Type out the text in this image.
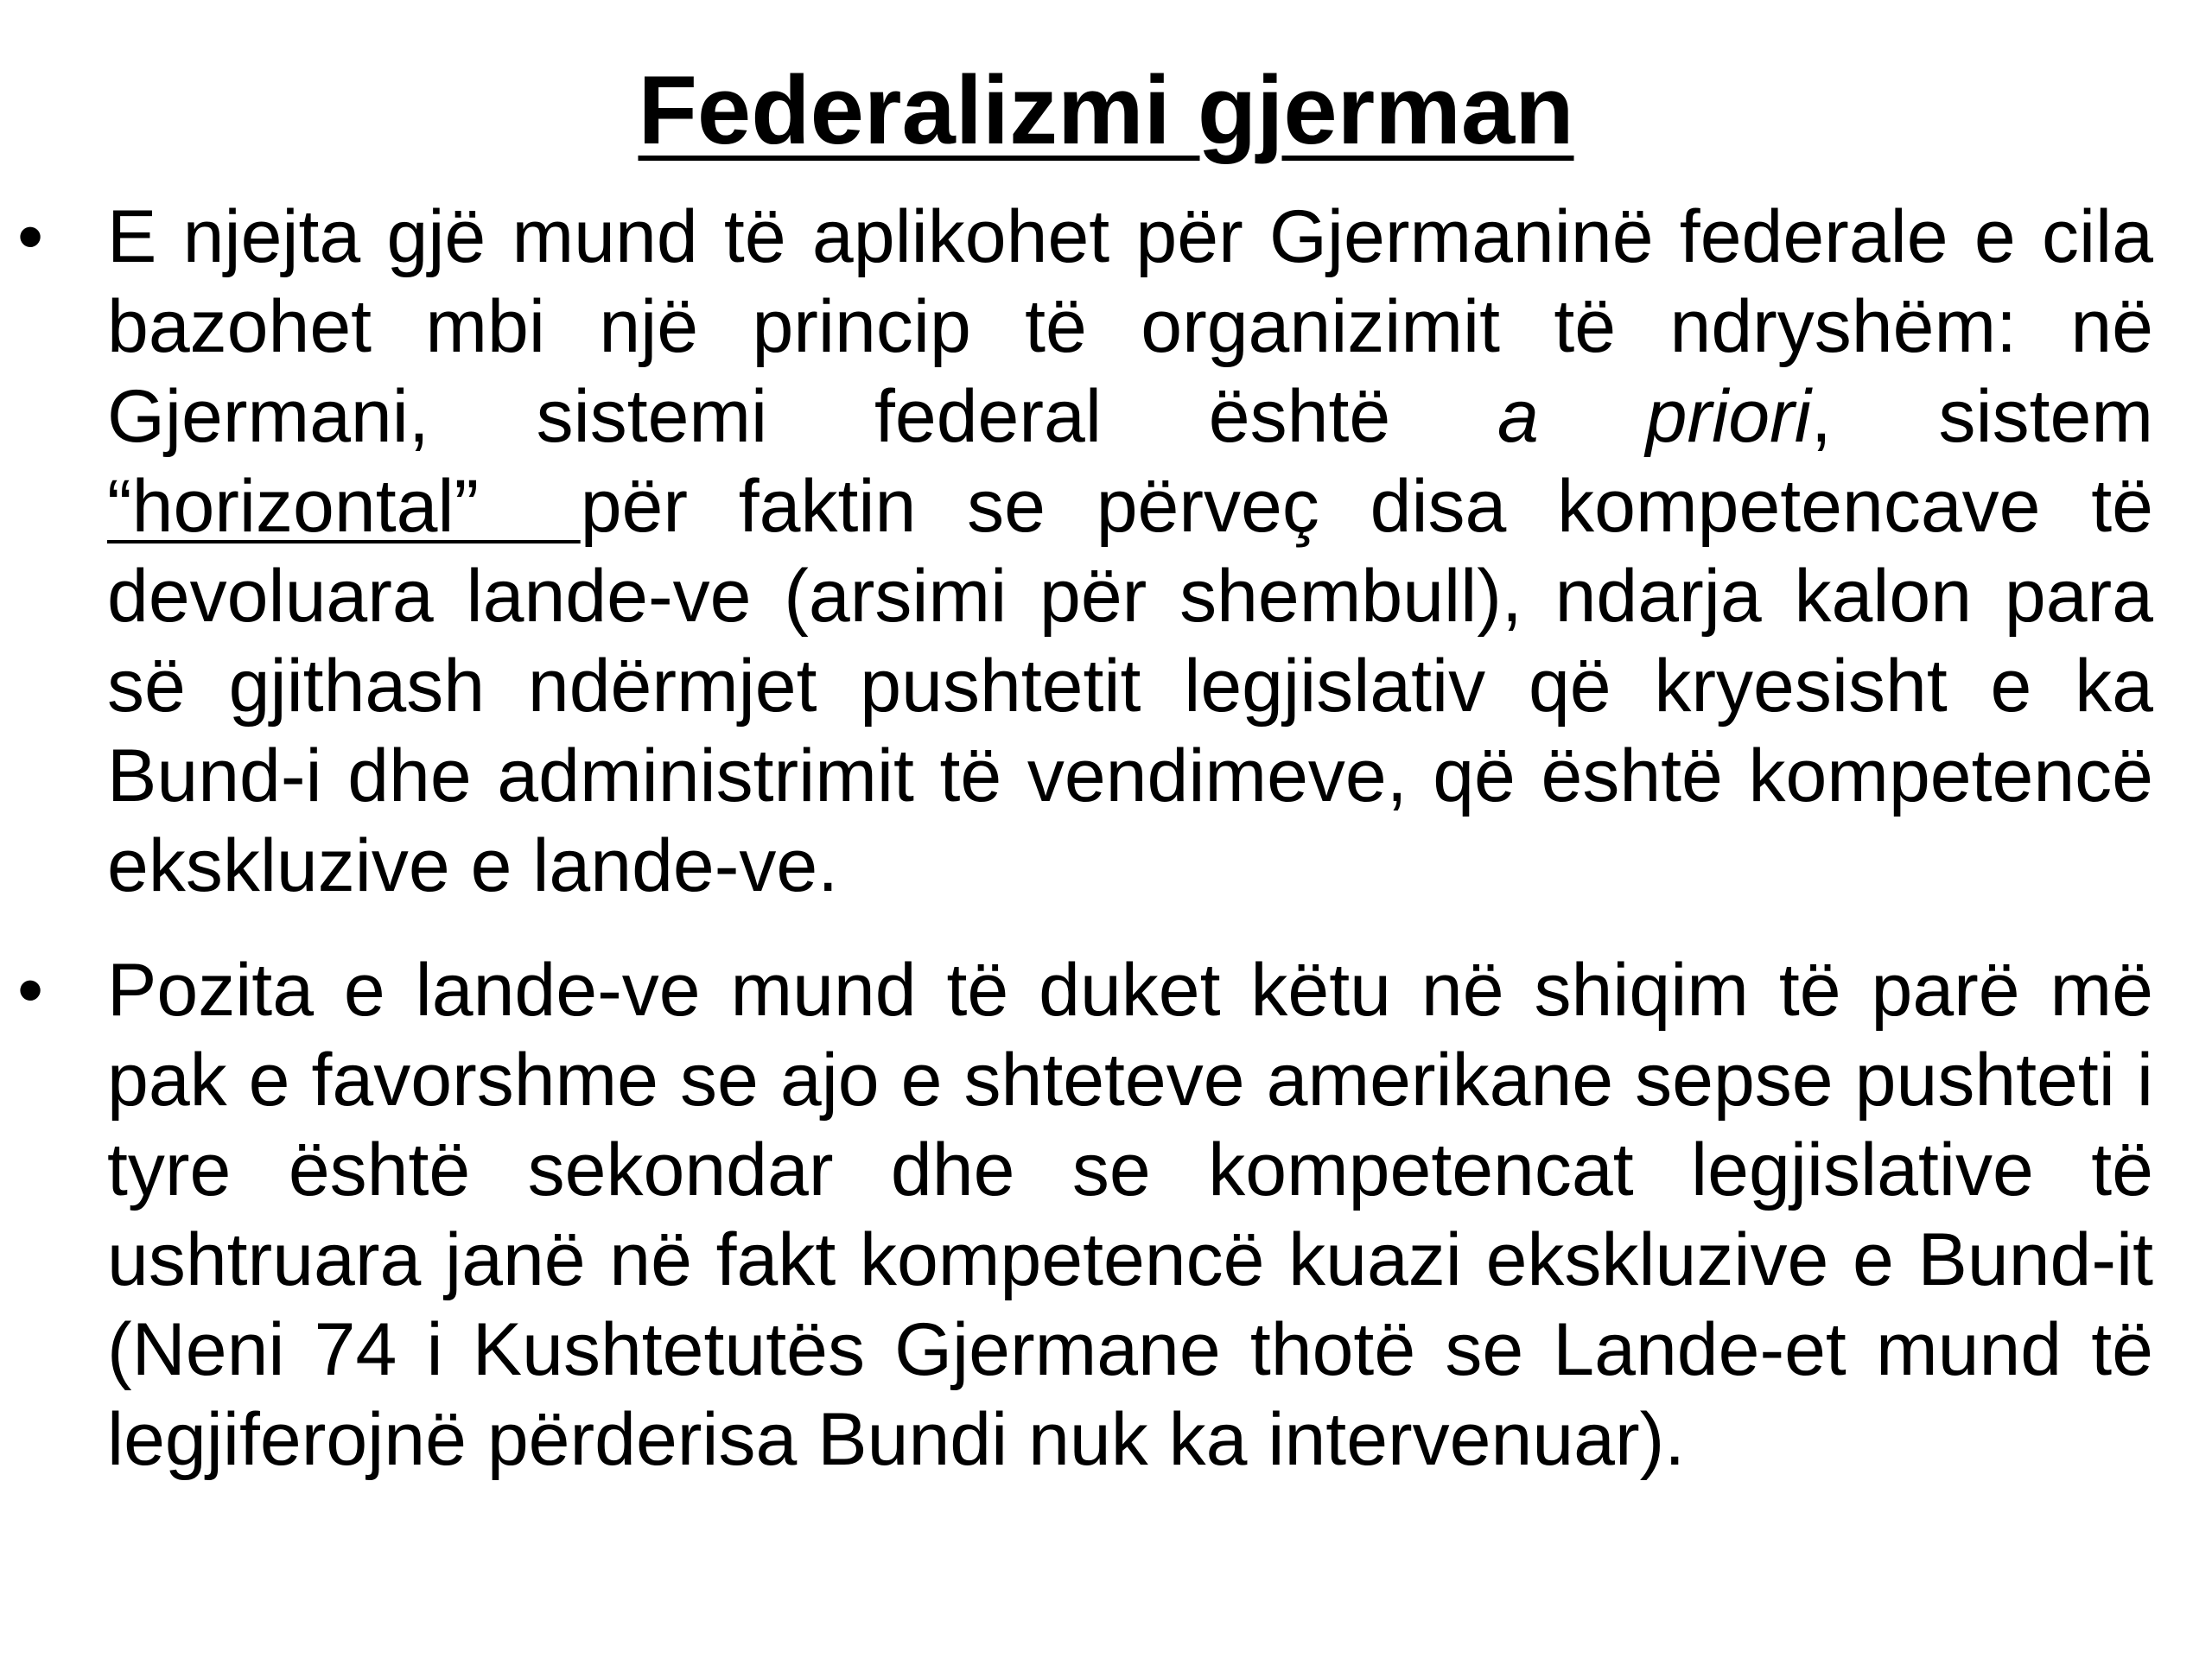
Federalizmi gjerman
• E njejta gjë mund të aplikohet për Gjermaninë federale e cila bazohet mbi një princip të organizimit të ndryshëm: në Gjermani, sistemi federal është a priori, sistem “horizontal”  për faktin se përveç disa kompetencave të devoluara lande-ve (arsimi për shembull), ndarja kalon para së gjithash ndërmjet pushtetit legjislativ që kryesisht e ka Bund-i dhe administrimit të vendimeve, që është kompetencë ekskluzive e lande-ve.
• Pozita e lande-ve mund të duket këtu në shiqim të parë më pak e favorshme se ajo e shteteve amerikane sepse pushteti i tyre është sekondar dhe se kompetencat legjislative të ushtruara janë në fakt kompetencë kuazi ekskluzive e Bund-it (Neni 74 i Kushtetutës Gjermane thotë se Lande-et mund të legjiferojnë përderisa Bundi nuk ka intervenuar).
